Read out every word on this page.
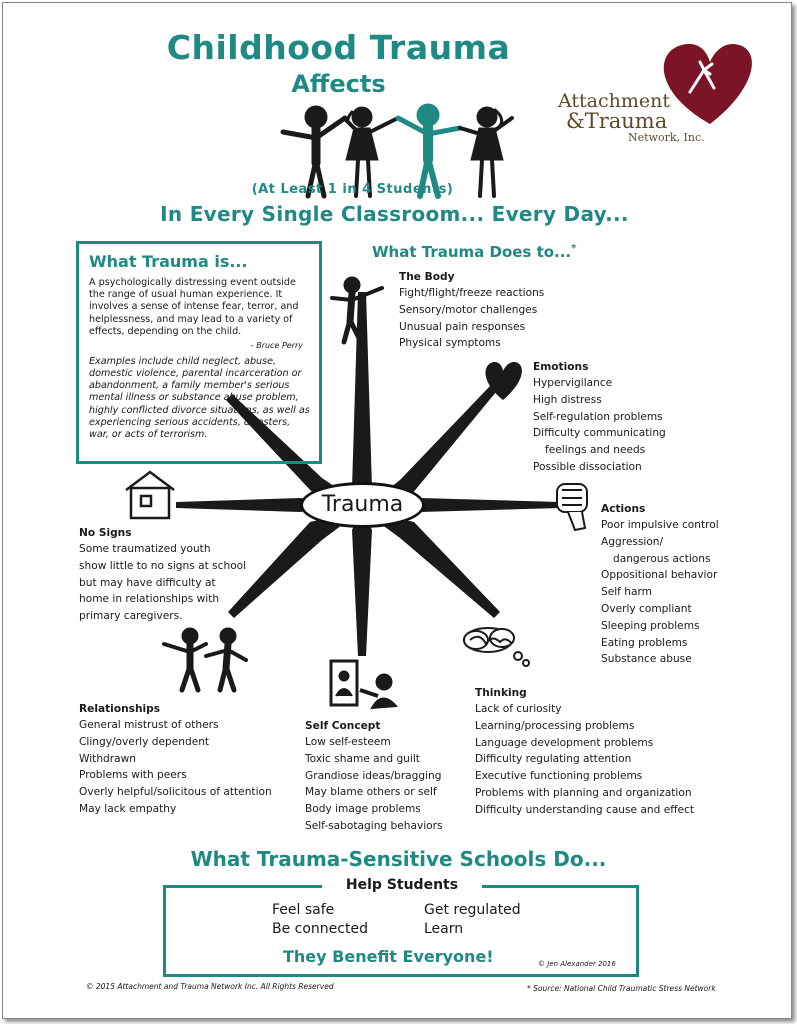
Childhood Trauma
Affects
(At Least 1 in 4 Students)
In Every Single Classroom... Every Day...
Attachment
&Trauma
Network, Inc.
What Trauma is...

A psychologically distressing event outside the range of usual human experience. It involves a sense of intense fear, terror, and helplessness, and may lead to a variety of effects, depending on the child.

- Bruce Perry
Examples include child neglect, abuse, domestic violence, parental incarceration or abandonment, a family member's serious mental illness or substance abuse problem, highly conflicted divorce situations, as well as experiencing serious accidents, disasters, war, or acts of terrorism.
What Trauma Does to...*
Trauma
The Body
Fight/flight/freeze reactions
Sensory/motor challenges
Unusual pain responses
Physical symptoms
Emotions
Hypervigilance
High distress
Self-regulation problems
Difficulty communicating
feelings and needs
Possible dissociation
Actions
Poor impulsive control
Aggression/
dangerous actions
Oppositional behavior
Self harm
Overly compliant
Sleeping problems
Eating problems
Substance abuse
No Signs
Some traumatized youth
show little to no signs at school
but may have difficulty at
home in relationships with
primary caregivers.
Relationships
General mistrust of others
Clingy/overly dependent
Withdrawn
Problems with peers
Overly helpful/solicitous of attention
May lack empathy
Self Concept
Low self-esteem
Toxic shame and guilt
Grandiose ideas/bragging
May blame others or self
Body image problems
Self-sabotaging behaviors
Thinking
Lack of curiosity
Learning/processing problems
Language development problems
Difficulty regulating attention
Executive functioning problems
Problems with planning and organization
Difficulty understanding cause and effect
What Trauma-Sensitive Schools Do...
Help Students
Feel safe
Be connected
Get regulated
Learn
They Benefit Everyone!	© Jen Alexander 2016
© 2015 Attachment and Trauma Network Inc. All Rights Reserved	* Source: National Child Traumatic Stress Network
